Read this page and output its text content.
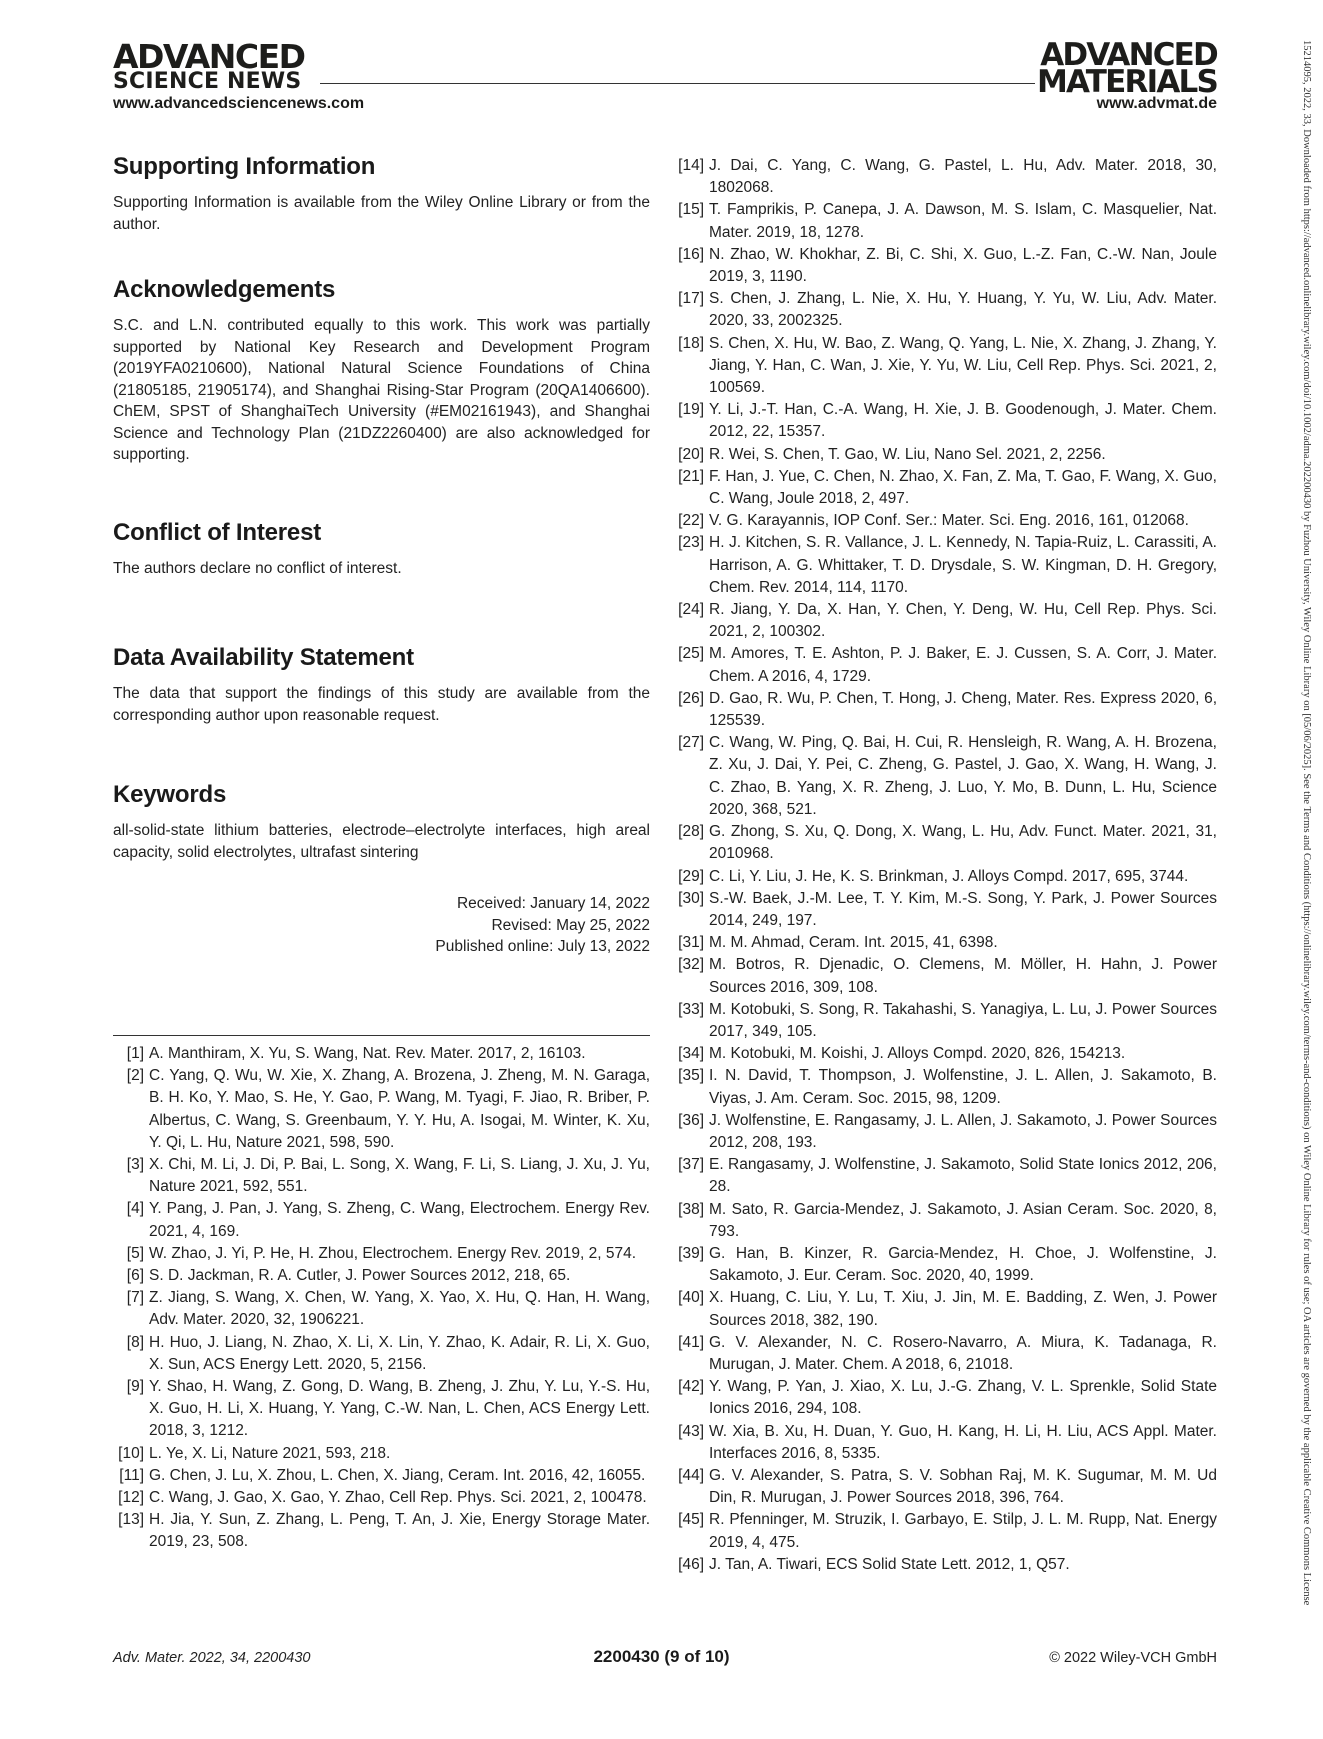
ADVANCED
SCIENCE NEWS
www.advancedsciencenews.com
ADVANCED
MATERIALS
www.advmat.de	15214095, 2022, 33, Downloaded from https://advanced.onlinelibrary.wiley.com/doi/10.1002/adma.202200430 by Fuzhou University, Wiley Online Library on [05/06/2025]. See the Terms and Conditions (https://onlinelibrary.wiley.com/terms-and-conditions) on Wiley Online Library for rules of use; OA articles are governed by the applicable Creative Commons License
Supporting Information

Supporting Information is available from the Wiley Online Library or from the author.

Acknowledgements

S.C. and L.N. contributed equally to this work. This work was partially supported by National Key Research and Development Program (2019YFA0210600), National Natural Science Foundations of China (21805185, 21905174), and Shanghai Rising-Star Program (20QA1406600). ChEM, SPST of ShanghaiTech University (#EM02161943), and Shanghai Science and Technology Plan (21DZ2260400) are also acknowledged for supporting.

Conflict of Interest

The authors declare no conflict of interest.

Data Availability Statement

The data that support the findings of this study are available from the corresponding author upon reasonable request.

Keywords

all-solid-state lithium batteries, electrode–electrolyte interfaces, high areal capacity, solid electrolytes, ultrafast sintering

Received: January 14, 2022
Revised: May 25, 2022
Published online: July 13, 2022
[1] A. Manthiram, X. Yu, S. Wang, Nat. Rev. Mater. 2017, 2, 16103.
[2] C. Yang, Q. Wu, W. Xie, X. Zhang, A. Brozena, J. Zheng, M. N. Garaga, B. H. Ko, Y. Mao, S. He, Y. Gao, P. Wang, M. Tyagi, F. Jiao, R. Briber, P. Albertus, C. Wang, S. Greenbaum, Y. Y. Hu, A. Isogai, M. Winter, K. Xu, Y. Qi, L. Hu, Nature 2021, 598, 590.
[3] X. Chi, M. Li, J. Di, P. Bai, L. Song, X. Wang, F. Li, S. Liang, J. Xu, J. Yu, Nature 2021, 592, 551.
[4] Y. Pang, J. Pan, J. Yang, S. Zheng, C. Wang, Electrochem. Energy Rev. 2021, 4, 169.
[5] W. Zhao, J. Yi, P. He, H. Zhou, Electrochem. Energy Rev. 2019, 2, 574.
[6] S. D. Jackman, R. A. Cutler, J. Power Sources 2012, 218, 65.
[7] Z. Jiang, S. Wang, X. Chen, W. Yang, X. Yao, X. Hu, Q. Han, H. Wang, Adv. Mater. 2020, 32, 1906221.
[8] H. Huo, J. Liang, N. Zhao, X. Li, X. Lin, Y. Zhao, K. Adair, R. Li, X. Guo, X. Sun, ACS Energy Lett. 2020, 5, 2156.
[9] Y. Shao, H. Wang, Z. Gong, D. Wang, B. Zheng, J. Zhu, Y. Lu, Y.-S. Hu, X. Guo, H. Li, X. Huang, Y. Yang, C.-W. Nan, L. Chen, ACS Energy Lett. 2018, 3, 1212.
[10] L. Ye, X. Li, Nature 2021, 593, 218.
[11] G. Chen, J. Lu, X. Zhou, L. Chen, X. Jiang, Ceram. Int. 2016, 42, 16055.
[12] C. Wang, J. Gao, X. Gao, Y. Zhao, Cell Rep. Phys. Sci. 2021, 2, 100478.
[13] H. Jia, Y. Sun, Z. Zhang, L. Peng, T. An, J. Xie, Energy Storage Mater. 2019, 23, 508.
[14] J. Dai, C. Yang, C. Wang, G. Pastel, L. Hu, Adv. Mater. 2018, 30, 1802068.
[15] T. Famprikis, P. Canepa, J. A. Dawson, M. S. Islam, C. Masquelier, Nat. Mater. 2019, 18, 1278.
[16] N. Zhao, W. Khokhar, Z. Bi, C. Shi, X. Guo, L.-Z. Fan, C.-W. Nan, Joule 2019, 3, 1190.
[17] S. Chen, J. Zhang, L. Nie, X. Hu, Y. Huang, Y. Yu, W. Liu, Adv. Mater. 2020, 33, 2002325.
[18] S. Chen, X. Hu, W. Bao, Z. Wang, Q. Yang, L. Nie, X. Zhang, J. Zhang, Y. Jiang, Y. Han, C. Wan, J. Xie, Y. Yu, W. Liu, Cell Rep. Phys. Sci. 2021, 2, 100569.
[19] Y. Li, J.-T. Han, C.-A. Wang, H. Xie, J. B. Goodenough, J. Mater. Chem. 2012, 22, 15357.
[20] R. Wei, S. Chen, T. Gao, W. Liu, Nano Sel. 2021, 2, 2256.
[21] F. Han, J. Yue, C. Chen, N. Zhao, X. Fan, Z. Ma, T. Gao, F. Wang, X. Guo, C. Wang, Joule 2018, 2, 497.
[22] V. G. Karayannis, IOP Conf. Ser.: Mater. Sci. Eng. 2016, 161, 012068.
[23] H. J. Kitchen, S. R. Vallance, J. L. Kennedy, N. Tapia-Ruiz, L. Carassiti, A. Harrison, A. G. Whittaker, T. D. Drysdale, S. W. Kingman, D. H. Gregory, Chem. Rev. 2014, 114, 1170.
[24] R. Jiang, Y. Da, X. Han, Y. Chen, Y. Deng, W. Hu, Cell Rep. Phys. Sci. 2021, 2, 100302.
[25] M. Amores, T. E. Ashton, P. J. Baker, E. J. Cussen, S. A. Corr, J. Mater. Chem. A 2016, 4, 1729.
[26] D. Gao, R. Wu, P. Chen, T. Hong, J. Cheng, Mater. Res. Express 2020, 6, 125539.
[27] C. Wang, W. Ping, Q. Bai, H. Cui, R. Hensleigh, R. Wang, A. H. Brozena, Z. Xu, J. Dai, Y. Pei, C. Zheng, G. Pastel, J. Gao, X. Wang, H. Wang, J. C. Zhao, B. Yang, X. R. Zheng, J. Luo, Y. Mo, B. Dunn, L. Hu, Science 2020, 368, 521.
[28] G. Zhong, S. Xu, Q. Dong, X. Wang, L. Hu, Adv. Funct. Mater. 2021, 31, 2010968.
[29] C. Li, Y. Liu, J. He, K. S. Brinkman, J. Alloys Compd. 2017, 695, 3744.
[30] S.-W. Baek, J.-M. Lee, T. Y. Kim, M.-S. Song, Y. Park, J. Power Sources 2014, 249, 197.
[31] M. M. Ahmad, Ceram. Int. 2015, 41, 6398.
[32] M. Botros, R. Djenadic, O. Clemens, M. Möller, H. Hahn, J. Power Sources 2016, 309, 108.
[33] M. Kotobuki, S. Song, R. Takahashi, S. Yanagiya, L. Lu, J. Power Sources 2017, 349, 105.
[34] M. Kotobuki, M. Koishi, J. Alloys Compd. 2020, 826, 154213.
[35] I. N. David, T. Thompson, J. Wolfenstine, J. L. Allen, J. Sakamoto, B. Viyas, J. Am. Ceram. Soc. 2015, 98, 1209.
[36] J. Wolfenstine, E. Rangasamy, J. L. Allen, J. Sakamoto, J. Power Sources 2012, 208, 193.
[37] E. Rangasamy, J. Wolfenstine, J. Sakamoto, Solid State Ionics 2012, 206, 28.
[38] M. Sato, R. Garcia-Mendez, J. Sakamoto, J. Asian Ceram. Soc. 2020, 8, 793.
[39] G. Han, B. Kinzer, R. Garcia-Mendez, H. Choe, J. Wolfenstine, J. Sakamoto, J. Eur. Ceram. Soc. 2020, 40, 1999.
[40] X. Huang, C. Liu, Y. Lu, T. Xiu, J. Jin, M. E. Badding, Z. Wen, J. Power Sources 2018, 382, 190.
[41] G. V. Alexander, N. C. Rosero-Navarro, A. Miura, K. Tadanaga, R. Murugan, J. Mater. Chem. A 2018, 6, 21018.
[42] Y. Wang, P. Yan, J. Xiao, X. Lu, J.-G. Zhang, V. L. Sprenkle, Solid State Ionics 2016, 294, 108.
[43] W. Xia, B. Xu, H. Duan, Y. Guo, H. Kang, H. Li, H. Liu, ACS Appl. Mater. Interfaces 2016, 8, 5335.
[44] G. V. Alexander, S. Patra, S. V. Sobhan Raj, M. K. Sugumar, M. M. Ud Din, R. Murugan, J. Power Sources 2018, 396, 764.
[45] R. Pfenninger, M. Struzik, I. Garbayo, E. Stilp, J. L. M. Rupp, Nat. Energy 2019, 4, 475.
[46] J. Tan, A. Tiwari, ECS Solid State Lett. 2012, 1, Q57.
Adv. Mater. 2022, 34, 2200430	2200430 (9 of 10)	© 2022 Wiley-VCH GmbH
